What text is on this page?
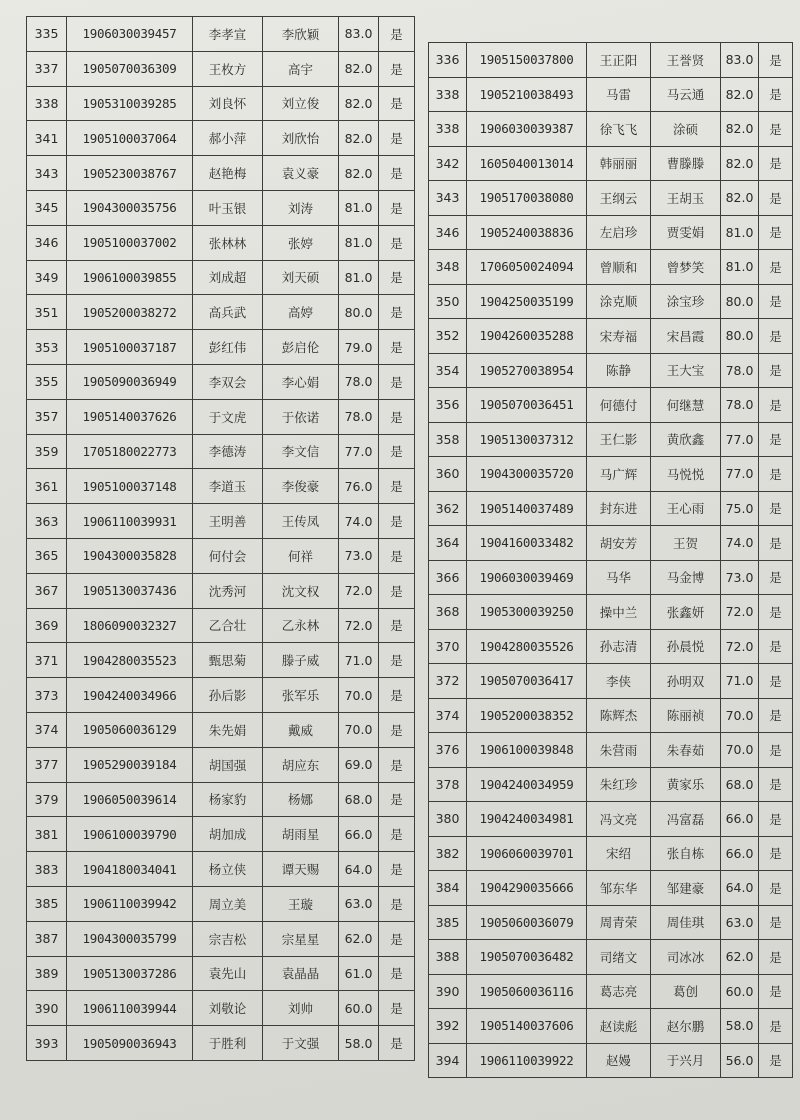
335	1906030039457	李孝宣	李欣颖	83.0	是
337	1905070036309	王枚方	高宇	82.0	是
338	1905310039285	刘良怀	刘立俊	82.0	是
341	1905100037064	郝小萍	刘欣怡	82.0	是
343	1905230038767	赵艳梅	袁义豪	82.0	是
345	1904300035756	叶玉银	刘涛	81.0	是
346	1905100037002	张林林	张婷	81.0	是
349	1906100039855	刘成超	刘天硕	81.0	是
351	1905200038272	高兵武	高婷	80.0	是
353	1905100037187	彭红伟	彭启伦	79.0	是
355	1905090036949	李双会	李心娟	78.0	是
357	1905140037626	于文虎	于依诺	78.0	是
359	1705180022773	李德涛	李文信	77.0	是
361	1905100037148	李道玉	李俊豪	76.0	是
363	1906110039931	王明善	王传凤	74.0	是
365	1904300035828	何付会	何祥	73.0	是
367	1905130037436	沈秀河	沈文权	72.0	是
369	1806090032327	乙合壮	乙永林	72.0	是
371	1904280035523	甄思菊	滕子威	71.0	是
373	1904240034966	孙后影	张军乐	70.0	是
374	1905060036129	朱先娟	戴威	70.0	是
377	1905290039184	胡国强	胡应东	69.0	是
379	1906050039614	杨家豹	杨娜	68.0	是
381	1906100039790	胡加成	胡雨星	66.0	是
383	1904180034041	杨立侠	谭天赐	64.0	是
385	1906110039942	周立美	王璇	63.0	是
387	1904300035799	宗吉松	宗星星	62.0	是
389	1905130037286	袁先山	袁晶晶	61.0	是
390	1906110039944	刘敬论	刘帅	60.0	是
393	1905090036943	于胜利	于文强	58.0	是
336	1905150037800	王正阳	王誉贤	83.0	是
338	1905210038493	马雷	马云通	82.0	是
338	1906030039387	徐飞飞	涂硕	82.0	是
342	1605040013014	韩丽丽	曹滕滕	82.0	是
343	1905170038080	王纲云	王胡玉	82.0	是
346	1905240038836	左启珍	贾雯娟	81.0	是
348	1706050024094	曾顺和	曾梦笑	81.0	是
350	1904250035199	涂克顺	涂宝珍	80.0	是
352	1904260035288	宋寿福	宋昌霞	80.0	是
354	1905270038954	陈静	王大宝	78.0	是
356	1905070036451	何德付	何继慧	78.0	是
358	1905130037312	王仁影	黄欣鑫	77.0	是
360	1904300035720	马广辉	马悦悦	77.0	是
362	1905140037489	封东进	王心雨	75.0	是
364	1904160033482	胡安芳	王贺	74.0	是
366	1906030039469	马华	马金博	73.0	是
368	1905300039250	操中兰	张鑫妍	72.0	是
370	1904280035526	孙志清	孙晨悦	72.0	是
372	1905070036417	李侠	孙明双	71.0	是
374	1905200038352	陈辉杰	陈丽祯	70.0	是
376	1906100039848	朱营雨	朱春茹	70.0	是
378	1904240034959	朱红珍	黄家乐	68.0	是
380	1904240034981	冯文亮	冯富磊	66.0	是
382	1906060039701	宋绍	张自栋	66.0	是
384	1904290035666	邹东华	邹建豪	64.0	是
385	1905060036079	周青荣	周佳琪	63.0	是
388	1905070036482	司绪文	司冰冰	62.0	是
390	1905060036116	葛志亮	葛创	60.0	是
392	1905140037606	赵读彪	赵尔鹏	58.0	是
394	1906110039922	赵嫚	于兴月	56.0	是
